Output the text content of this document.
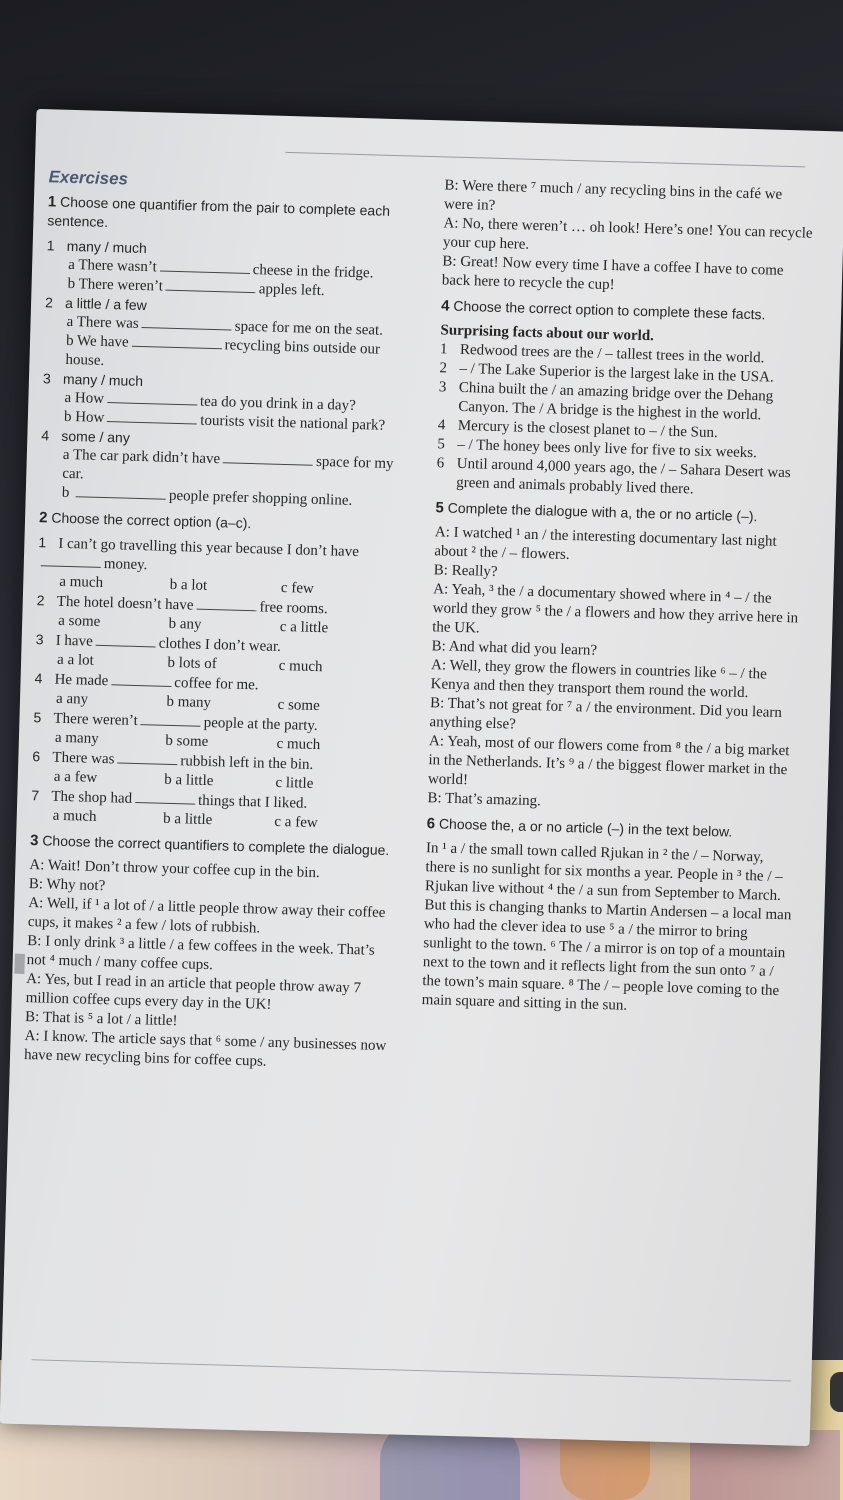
Exercises

1 Choose one quantifier from the pair to complete each sentence.

1 many / much

a There wasn’t	cheese in the fridge.

b There weren’t	apples left.

2 a little / a few

a There was	space for me on the seat.

b We have	recycling bins outside our house.

3 many / much

a How	tea do you drink in a day?

b How	tourists visit the national park?

4 some / any

a The car park didn’t have	space for my car.

b	people prefer shopping online.

2 Choose the correct option (a–c).

1 I can’t go travelling this year because I don’t havemoney.

a much	b a lot	c few

2 The hotel doesn’t have	free rooms.

a some	b any	c a little

3 I have	clothes I don’t wear.

a a lot	b lots of	c much

4 He made	coffee for me.

a any	b many	c some

5 There weren’t	people at the party.

a many	b some	c much

6 There was	rubbish left in the bin.

a a few	b a little	c little

7 The shop had	things that I liked.

a much	b a little	c a few

3 Choose the correct quantifiers to complete the dialogue.

A: Wait! Don’t throw your coffee cup in the bin.

B: Why not?

A: Well, if ¹ a lot of / a little people throw away their coffee cups, it makes ² a few / lots of rubbish.

B: I only drink ³ a little / a few coffees in the week. That’s not ⁴ much / many coffee cups.

A: Yes, but I read in an article that people throw away 7 million coffee cups every day in the UK!

B: That is ⁵ a lot / a little!

A: I know. The article says that ⁶ some / any businesses now have new recycling bins for coffee cups.

B: Were there ⁷ much / any recycling bins in the café we were in?

A: No, there weren’t … oh look! Here’s one! You can recycle your cup here.

B: Great! Now every time I have a coffee I have to come back here to recycle the cup!

4 Choose the correct option to complete these facts.

Surprising facts about our world.

1 Redwood trees are the / – tallest trees in the world.

2 – / The Lake Superior is the largest lake in the USA.

3 China built the / an amazing bridge over the Dehang Canyon. The / A bridge is the highest in the world.

4 Mercury is the closest planet to – / the Sun.

5 – / The honey bees only live for five to six weeks.

6 Until around 4,000 years ago, the / – Sahara Desert was green and animals probably lived there.

5 Complete the dialogue with a, the or no article (–).

A: I watched ¹ an / the interesting documentary last night about ² the / – flowers.

B: Really?

A: Yeah, ³ the / a documentary showed where in ⁴ – / the world they grow ⁵ the / a flowers and how they arrive here in the UK.

B: And what did you learn?

A: Well, they grow the flowers in countries like ⁶ – / the Kenya and then they transport them round the world.

B: That’s not great for ⁷ a / the environment. Did you learn anything else?

A: Yeah, most of our flowers come from ⁸ the / a big market in the Netherlands. It’s ⁹ a / the biggest flower market in the world!

B: That’s amazing.

6 Choose the, a or no article (–) in the text below.

In ¹ a / the small town called Rjukan in ² the / – Norway, there is no sunlight for six months a year. People in ³ the / – Rjukan live without ⁴ the / a sun from September to March. But this is changing thanks to Martin Andersen – a local man who had the clever idea to use ⁵ a / the mirror to bring sunlight to the town. ⁶ The / a mirror is on top of a mountain next to the town and it reflects light from the sun onto ⁷ a / the town’s main square. ⁸ The / – people love coming to the main square and sitting in the sun.
